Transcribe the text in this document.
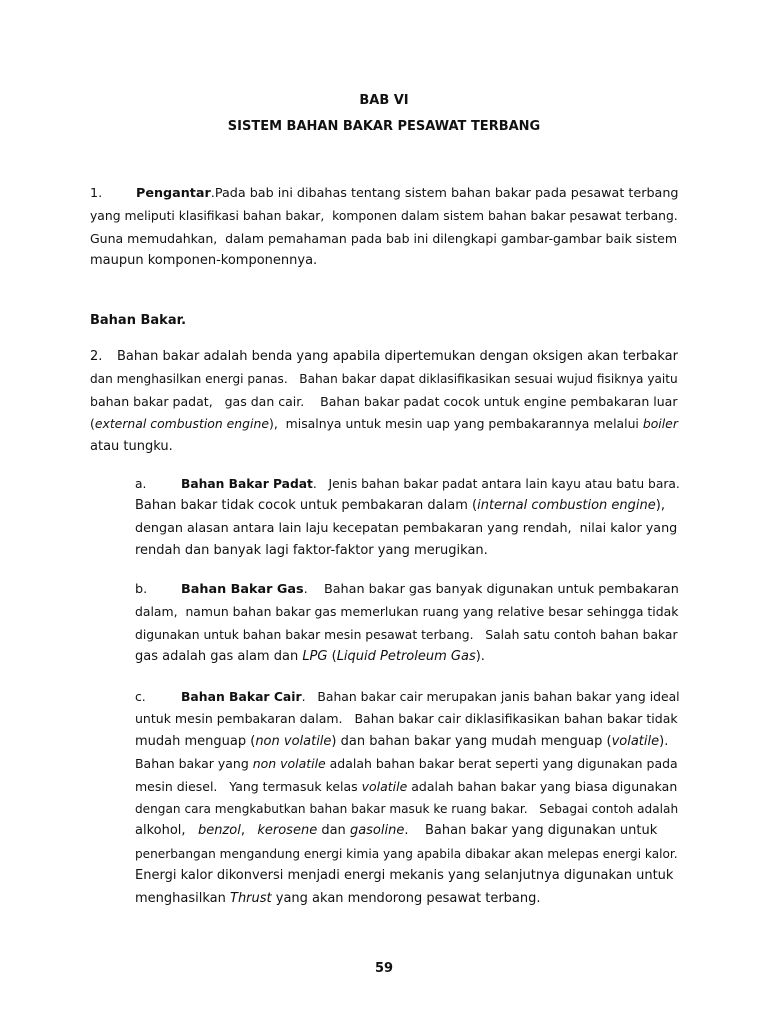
BAB VI
SISTEM BAHAN BAKAR PESAWAT TERBANG
1.	Pengantar. Pada bab ini dibahas tentang sistem bahan bakar pada pesawat terbang
yang meliputi klasifikasi bahan bakar,  komponen dalam sistem bahan bakar pesawat terbang.
Guna memudahkan,  dalam pemahaman pada bab ini dilengkapi gambar-gambar baik sistem
maupun komponen-komponennya.
Bahan Bakar.
2.	Bahan bakar adalah benda yang apabila dipertemukan dengan oksigen akan terbakar
dan menghasilkan energi panas.   Bahan bakar dapat diklasifikasikan sesuai wujud fisiknya yaitu
bahan bakar padat,   gas dan cair.    Bahan bakar padat cocok untuk engine pembakaran luar
(external combustion engine),  misalnya untuk mesin uap yang pembakarannya melalui boiler
atau tungku.
a.	Bahan Bakar Padat.   Jenis bahan bakar padat antara lain kayu atau batu bara.
Bahan bakar tidak cocok untuk pembakaran dalam (internal combustion engine),
dengan alasan antara lain laju kecepatan pembakaran yang rendah,  nilai kalor yang
rendah dan banyak lagi faktor-faktor yang merugikan.
b.	Bahan Bakar Gas. Bahan bakar gas banyak digunakan untuk pembakaran
dalam,  namun bahan bakar gas memerlukan ruang yang relative besar sehingga tidak
digunakan untuk bahan bakar mesin pesawat terbang.   Salah satu contoh bahan bakar
gas adalah gas alam dan LPG (Liquid Petroleum Gas).
c.	Bahan Bakar Cair. Bahan bakar cair merupakan janis bahan bakar yang ideal
untuk mesin pembakaran dalam.   Bahan bakar cair diklasifikasikan bahan bakar tidak
mudah menguap (non volatile) dan bahan bakar yang mudah menguap (volatile).
Bahan bakar yang non volatile adalah bahan bakar berat seperti yang digunakan pada
mesin diesel.   Yang termasuk kelas volatile adalah bahan bakar yang biasa digunakan
dengan cara mengkabutkan bahan bakar masuk ke ruang bakar.   Sebagai contoh adalah
alkohol,   benzol,   kerosene dan gasoline.    Bahan bakar yang digunakan untuk
penerbangan mengandung energi kimia yang apabila dibakar akan melepas energi kalor.
Energi kalor dikonversi menjadi energi mekanis yang selanjutnya digunakan untuk
menghasilkan Thrust yang akan mendorong pesawat terbang.
59
